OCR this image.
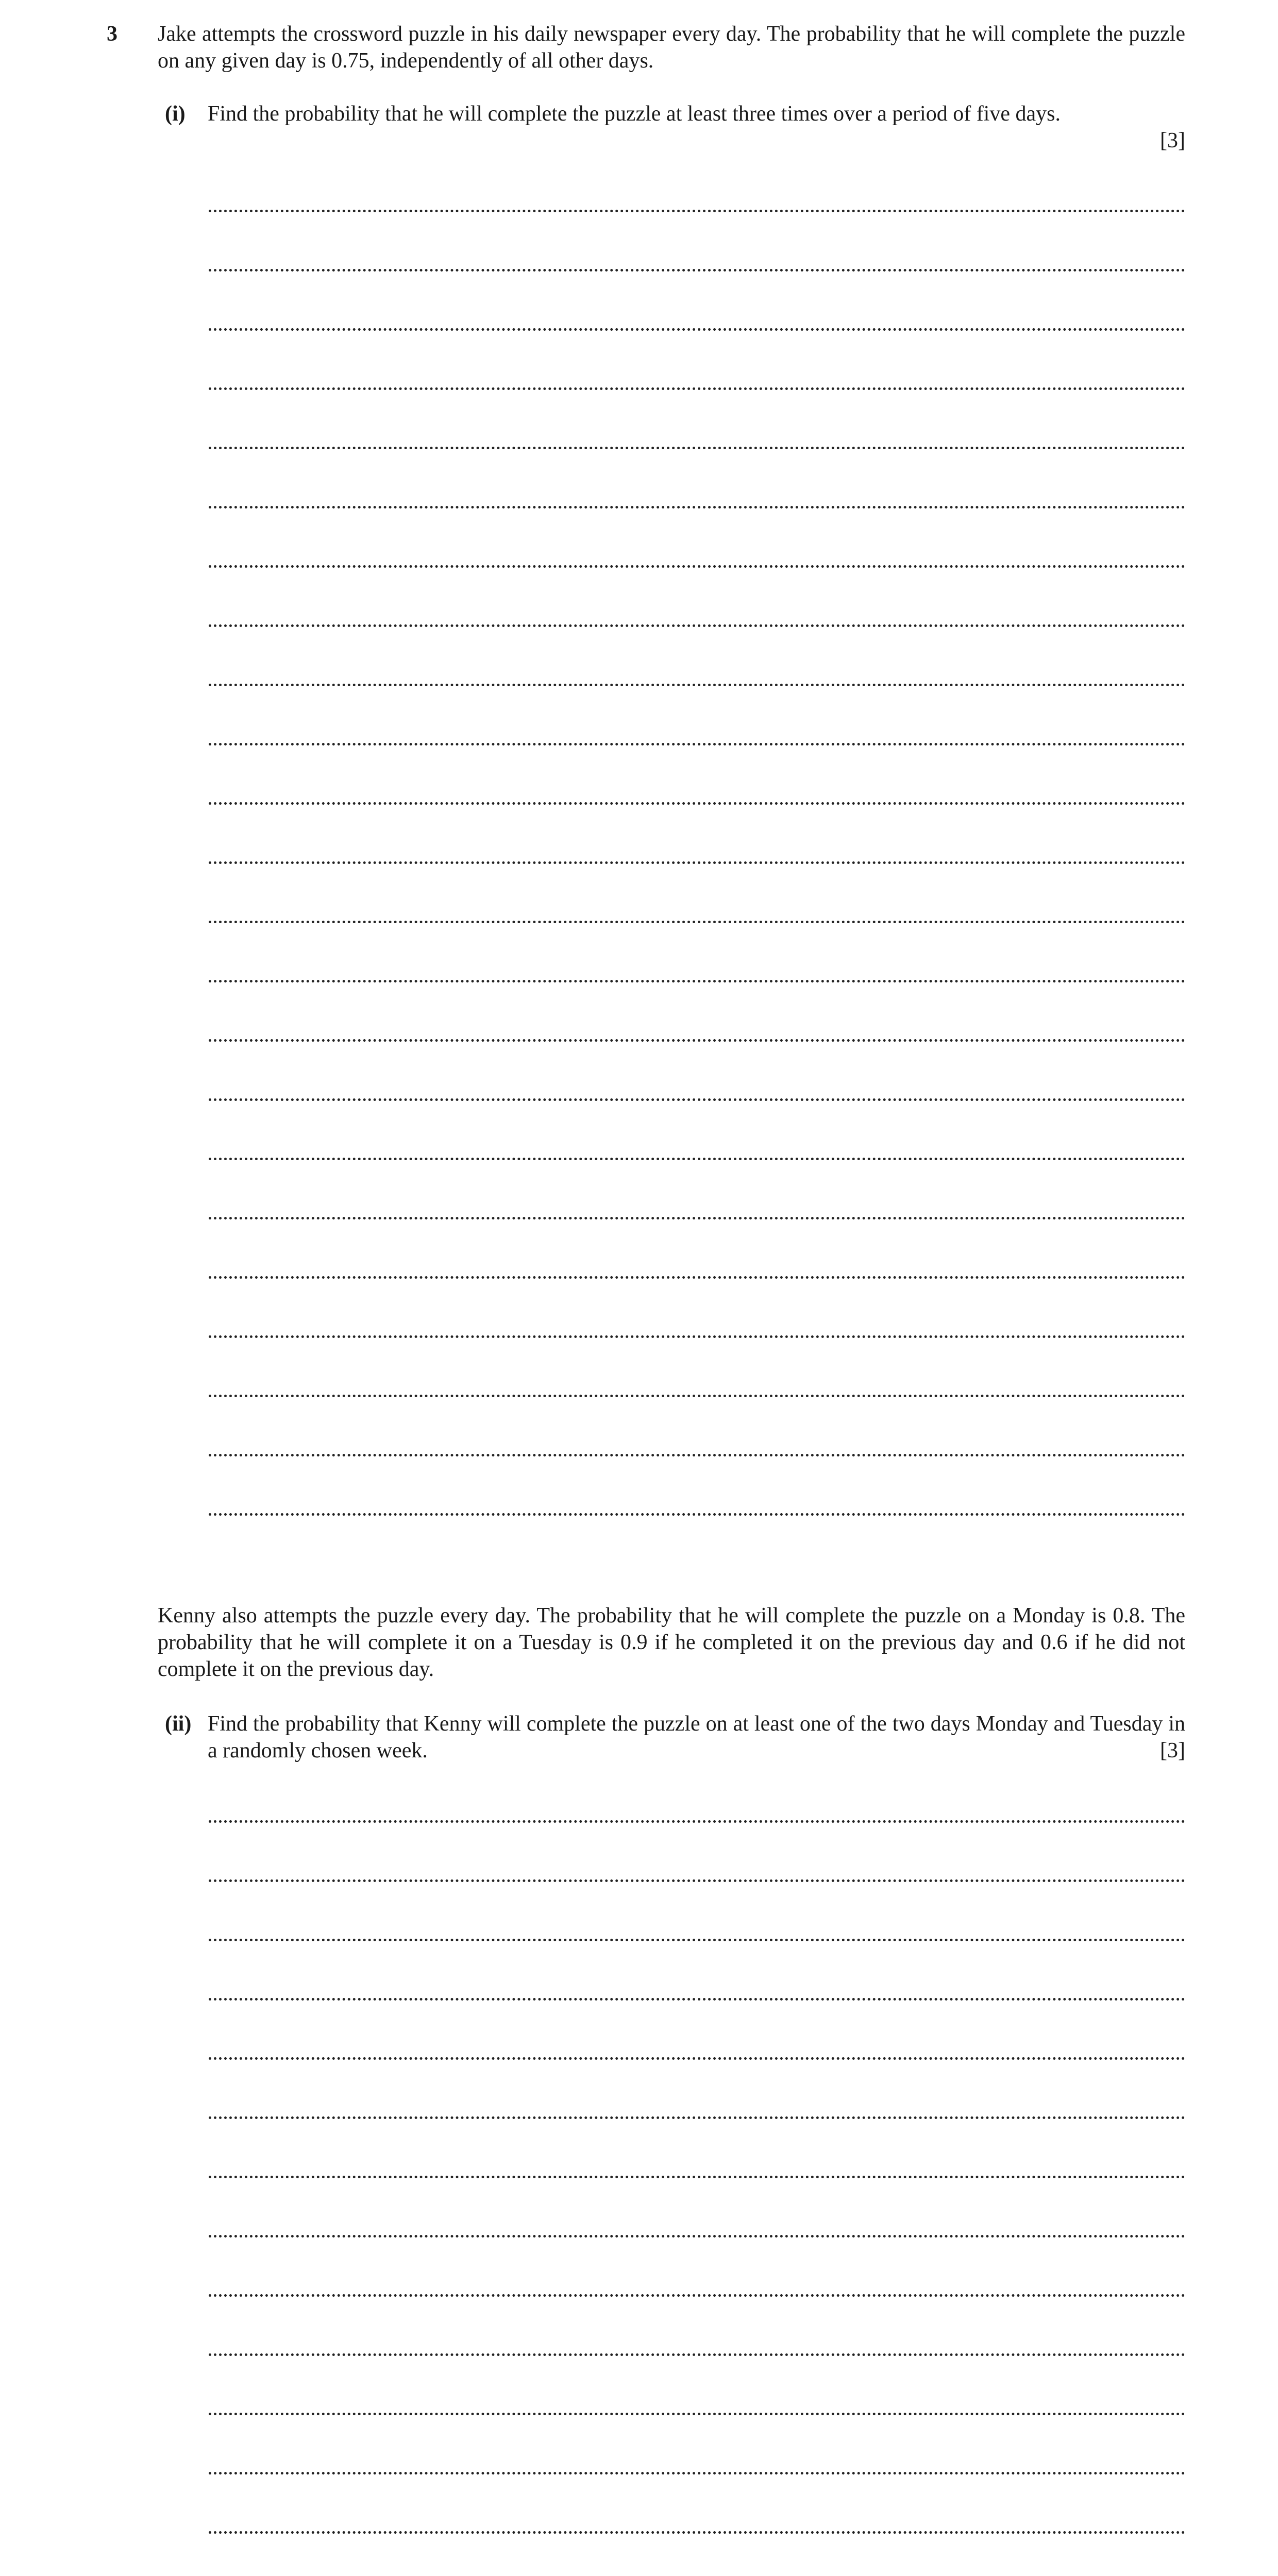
3 Jake attempts the crossword puzzle in his daily newspaper every day. The probability that he will complete the puzzle on any given day is 0.75, independently of all other days.
(i) Find the probability that he will complete the puzzle at least three times over a period of five days.
[3]
Kenny also attempts the puzzle every day. The probability that he will complete the puzzle on a Monday is 0.8. The probability that he will complete it on a Tuesday is 0.9 if he completed it on the previous day and 0.6 if he did not complete it on the previous day.
(ii) Find the probability that Kenny will complete the puzzle on at least one of the two days Monday and Tuesday in a randomly chosen week.	[3]
